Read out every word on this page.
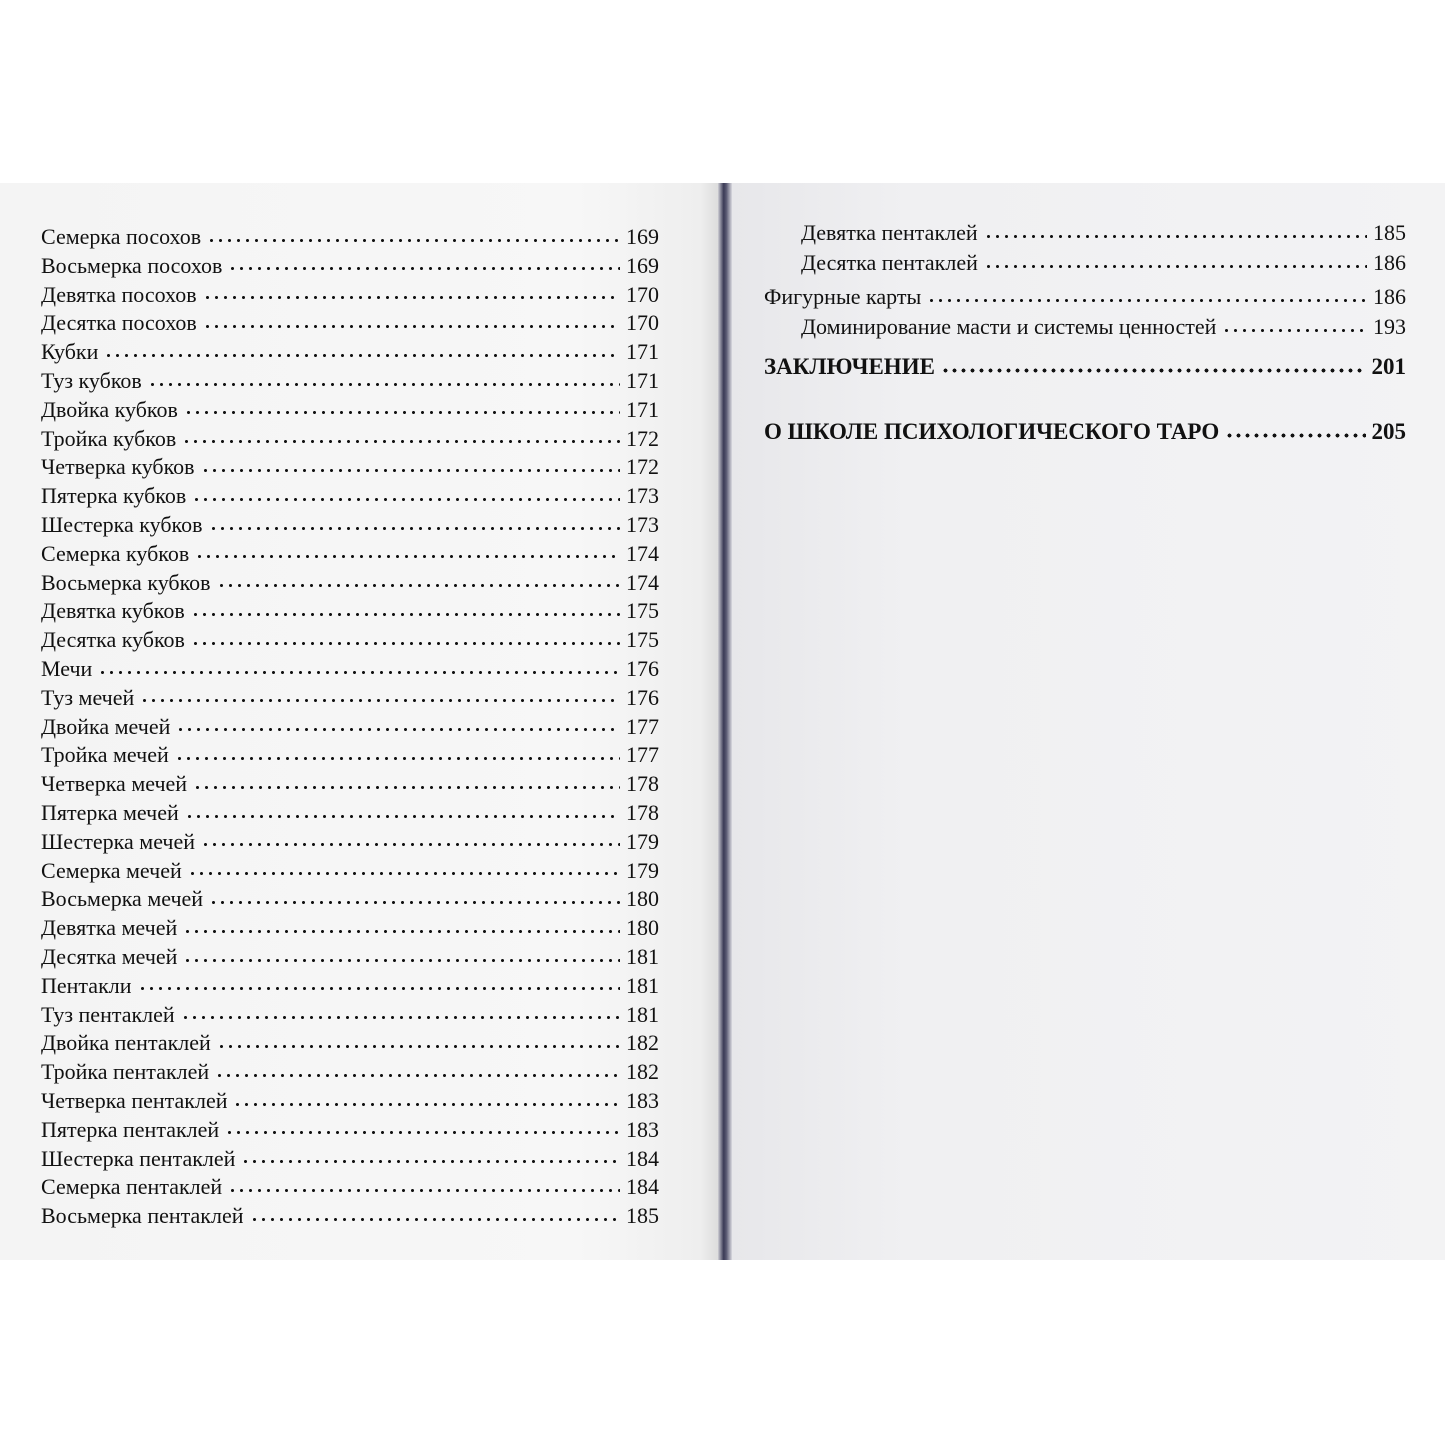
Семерка посохов	169
Восьмерка посохов	169
Девятка посохов	170
Десятка посохов	170
Кубки	171
Туз кубков	171
Двойка кубков	171
Тройка кубков	172
Четверка кубков	172
Пятерка кубков	173
Шестерка кубков	173
Семерка кубков	174
Восьмерка кубков	174
Девятка кубков	175
Десятка кубков	175
Мечи	176
Туз мечей	176
Двойка мечей	177
Тройка мечей	177
Четверка мечей	178
Пятерка мечей	178
Шестерка мечей	179
Семерка мечей	179
Восьмерка мечей	180
Девятка мечей	180
Десятка мечей	181
Пентакли	181
Туз пентаклей	181
Двойка пентаклей	182
Тройка пентаклей	182
Четверка пентаклей	183
Пятерка пентаклей	183
Шестерка пентаклей	184
Семерка пентаклей	184
Восьмерка пентаклей	185
Девятка пентаклей	185
Десятка пентаклей	186
Фигурные карты	186
Доминирование масти и системы ценностей	193
ЗАКЛЮЧЕНИЕ	201
О ШКОЛЕ ПСИХОЛОГИЧЕСКОГО ТАРО	205
